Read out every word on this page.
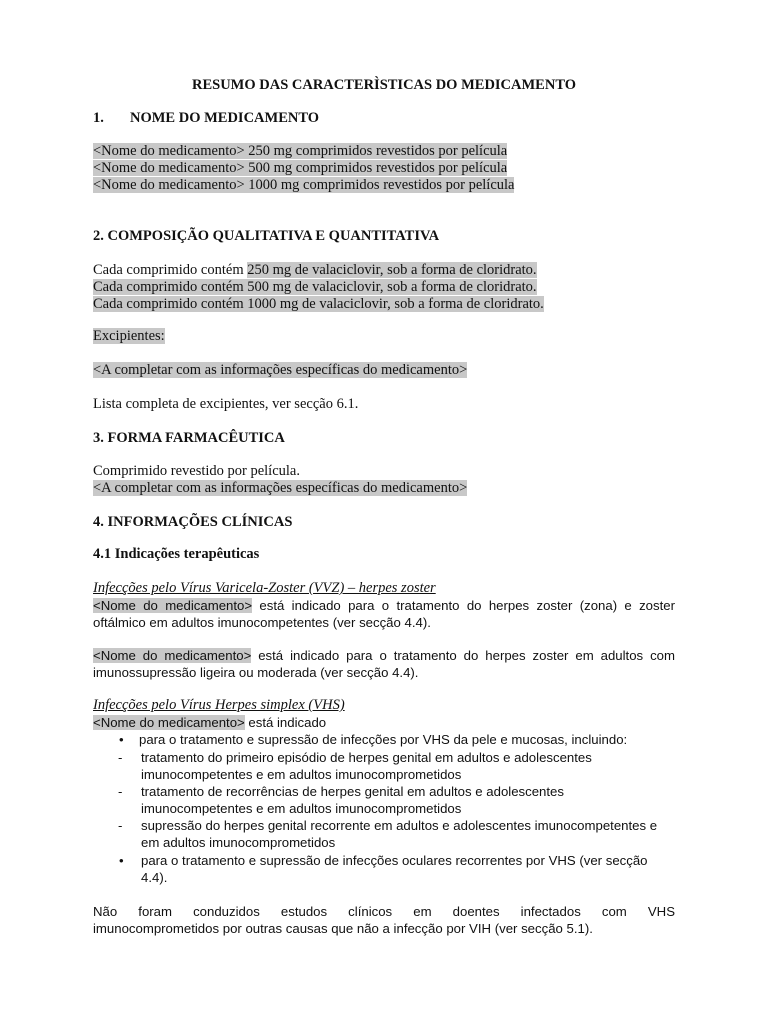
RESUMO DAS CARACTERÌSTICAS DO MEDICAMENTO
1. NOME DO MEDICAMENTO
<Nome do medicamento> 250 mg comprimidos revestidos por película
<Nome do medicamento> 500 mg comprimidos revestidos por película
<Nome do medicamento> 1000 mg comprimidos revestidos por película
2. COMPOSIÇÃO QUALITATIVA E QUANTITATIVA
Cada comprimido contém 250 mg de valaciclovir, sob a forma de cloridrato.
Cada comprimido contém 500 mg de valaciclovir, sob a forma de cloridrato.
Cada comprimido contém 1000 mg de valaciclovir, sob a forma de cloridrato.
Excipientes:
<A completar com as informações específicas do medicamento>
Lista completa de excipientes, ver secção 6.1.
3. FORMA FARMACÊUTICA
Comprimido revestido por película.
<A completar com as informações específicas do medicamento>
4. INFORMAÇÕES CLÍNICAS
4.1 Indicações terapêuticas
Infecções pelo Vírus Varicela-Zoster (VVZ) – herpes zoster
<Nome do medicamento> está indicado para o tratamento do herpes zoster (zona) e zoster
oftálmico em adultos imunocompetentes (ver secção 4.4).
<Nome do medicamento> está indicado para o tratamento do herpes zoster em adultos com
imunossupressão ligeira ou moderada (ver secção 4.4).
Infecções pelo Vírus Herpes simplex (VHS)
<Nome do medicamento> está indicado
• para o tratamento e supressão de infecções por VHS da pele e mucosas, incluindo:
- tratamento do primeiro episódio de herpes genital em adultos e adolescentes
imunocompetentes e em adultos imunocomprometidos
- tratamento de recorrências de herpes genital em adultos e adolescentes
imunocompetentes e em adultos imunocomprometidos
- supressão do herpes genital recorrente em adultos e adolescentes imunocompetentes e
em adultos imunocomprometidos
• para o tratamento e supressão de infecções oculares recorrentes por VHS (ver secção
4.4).
Não foram conduzidos estudos clínicos em doentes infectados com VHS
imunocomprometidos por outras causas que não a infecção por VIH (ver secção 5.1).
